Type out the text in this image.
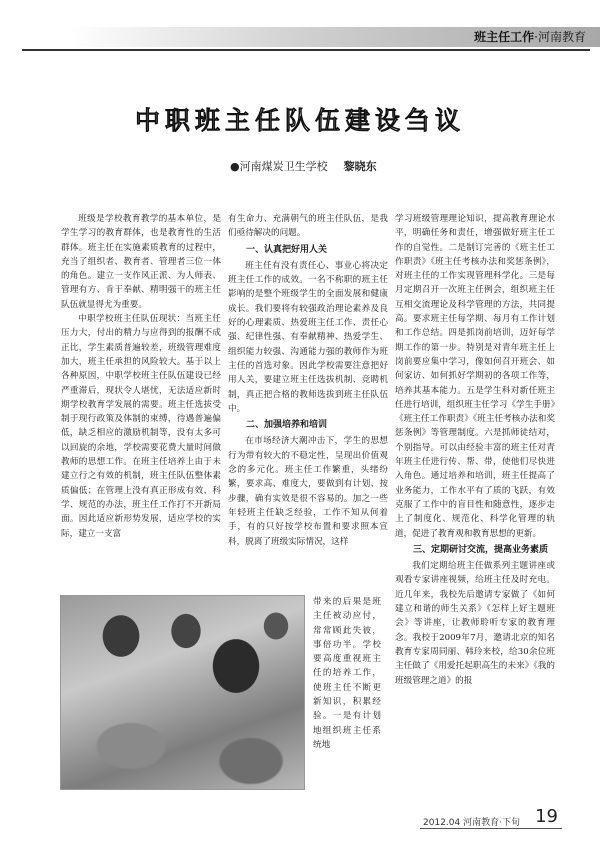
班主任工作·河南教育
中职班主任队伍建设刍议
●河南煤炭卫生学校 黎晓东

班级是学校教育教学的基本单位，是学生学习的教育群体，也是教育性的生活群体。班主任在实施素质教育的过程中，充当了组织者、教育者、管理者三位一体的角色。建立一支作风正派、为人师表、管理有方、肯于奉献、精明强干的班主任队伍就显得尤为重要。

中职学校班主任队伍现状：当班主任压力大，付出的精力与应得到的报酬不成正比，学生素质普遍较差，班级管理难度加大，班主任承担的风险较大。基于以上各种原因，中职学校班主任队伍建设已经严重滞后，现状令人堪忧，无法适应新时期学校教育学发展的需要。班主任选拔受制于现行政策及体制的束缚，待遇普遍偏低，缺乏相应的激励机制等，没有太多可以回旋的余地，学校需要花费大量时间做教师的思想工作。在班主任培养上由于未建立行之有效的机制，班主任队伍整体素质偏低；在管理上没有真正形成有效、科学、规范的办法，班主任工作打不开新局面。因此适应新形势发展，适应学校的实际，建立一支富

有生命力、充满朝气的班主任队伍，是我们亟待解决的问题。

一、认真把好用人关

班主任有没有责任心、事业心将决定班主任工作的成效。一名不称职的班主任影响的是整个班级学生的全面发展和健康成长。我们要将有较强政治理论素养及良好的心理素质、热爱班主任工作、责任心强、纪律性强、有奉献精神、热爱学生、组织能力较强、沟通能力强的教师作为班主任的首选对象。因此学校需要注意把好用人关，要建立班主任选拔机制、竞聘机制，真正把合格的教师选拔到班主任队伍中。

二、加强培养和培训

在市场经济大潮冲击下，学生的思想行为带有较大的不稳定性，呈现出价值观念的多元化。班主任工作繁重，头绪纷繁，要求高、难度大，要做到有计划、按步骤，确有实效是很不容易的。加之一些年轻班主任缺乏经验，工作不知从何着手，有的只好按学校布置和要求照本宣科，脱离了班级实际情况，这样

带来的后果是班主任被动应付，常常顾此失彼，事倍功半。学校要高度重视班主任的培养工作，使班主任不断更新知识，积累经验。一是有计划地组织班主任系统地

学习班级管理理论知识，提高教育理论水平，明确任务和责任，增强做好班主任工作的自觉性。二是制订完善的《班主任工作职责》《班主任考核办法和奖惩条例》，对班主任的工作实现管理科学化。三是每月定期召开一次班主任例会，组织班主任互相交流理论及科学管理的方法，共同提高。要求班主任每学期、每月有工作计划和工作总结。四是抓岗前培训，迈好每学期工作的第一步。特别是对青年班主任上岗前要应集中学习，像如何召开班会、如何家访、如何抓好学期初的各项工作等，培养其基本能力。五是学生科对新任班主任进行培训，组织班主任学习《学生手册》《班主任工作职责》《班主任考核办法和奖惩条例》等管理制度。六是抓师徒结对，个别指导。可以由经验丰富的班主任对青年班主任进行传、帮、带，使他们尽快进入角色。通过培养和培训，班主任提高了业务能力，工作水平有了质的飞跃，有效克服了工作中的盲目性和随意性，逐步走上了制度化、规范化、科学化管理的轨道，促进了教育观和教育思想的更新。

三、定期研讨交流，提高业务素质

我们定期给班主任做系列主题讲座或观看专家讲座视频，给班主任及时充电。近几年来，我校先后邀请专家做了《如何建立和谐的师生关系》《怎样上好主题班会》等讲座，让教师聆听专家的教育理念。我校于2009年7月，邀请北京的知名教育专家周同丽、韩玲来校，给30余位班主任做了《用爱托起职高生的未来》《我的班级管理之道》的报

2012.04 河南教育·下旬 19
